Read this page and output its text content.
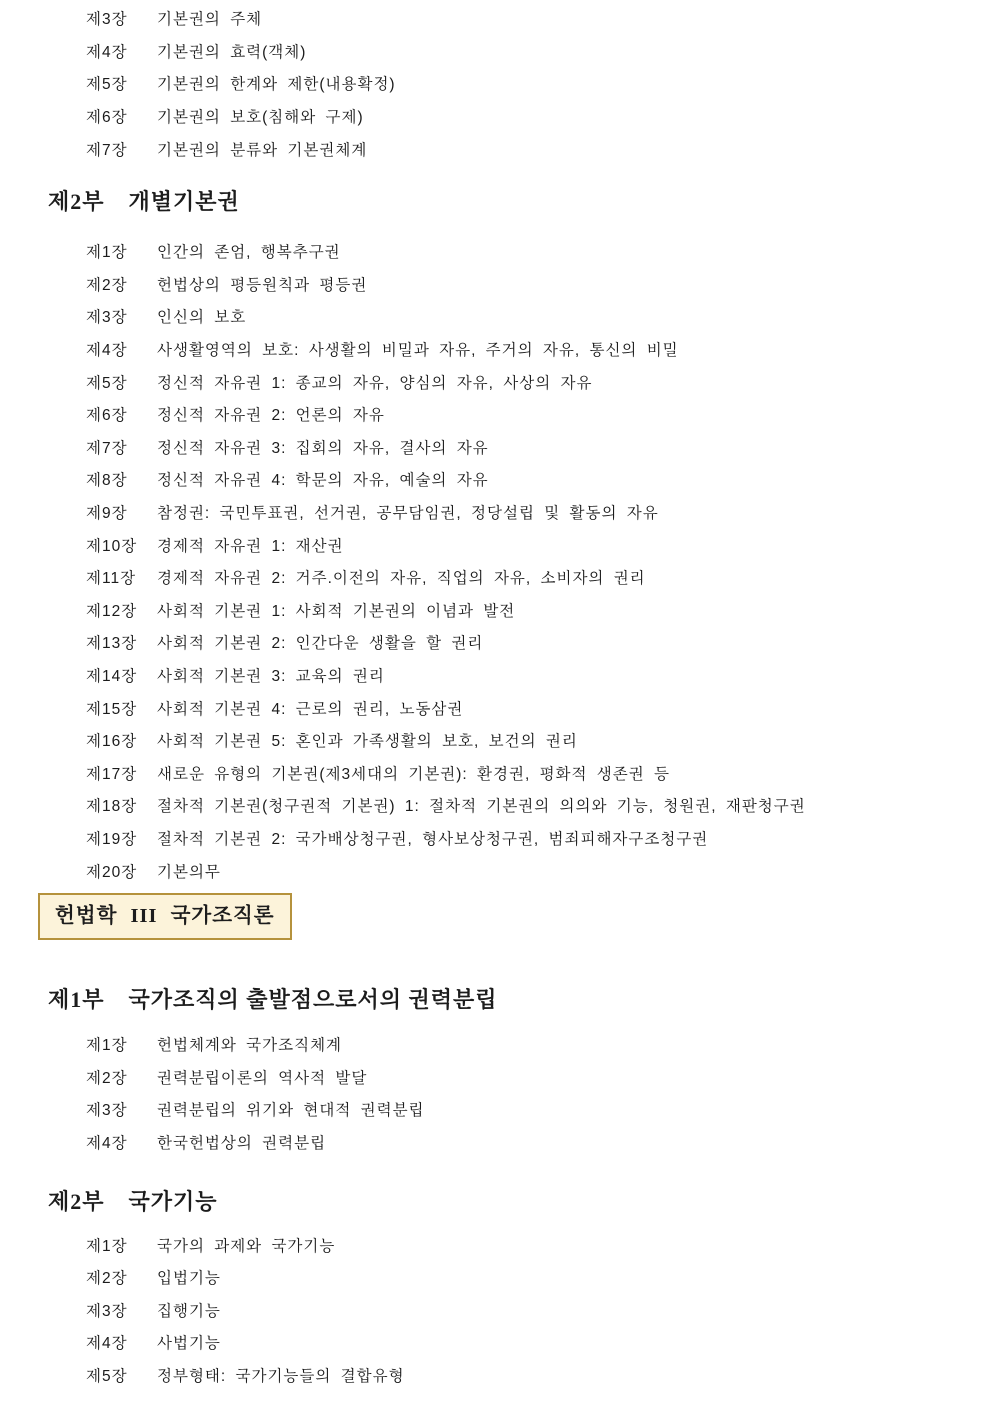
제3장	기본권의 주체
제4장	기본권의 효력(객체)
제5장	기본권의 한계와 제한(내용확정)
제6장	기본권의 보호(침해와 구제)
제7장	기본권의 분류와 기본권체계
제2부 개별기본권
제1장	인간의 존엄, 행복추구권
제2장	헌법상의 평등원칙과 평등권
제3장	인신의 보호
제4장	사생활영역의 보호: 사생활의 비밀과 자유, 주거의 자유, 통신의 비밀
제5장	정신적 자유권 1: 종교의 자유, 양심의 자유, 사상의 자유
제6장	정신적 자유권 2: 언론의 자유
제7장	정신적 자유권 3: 집회의 자유, 결사의 자유
제8장	정신적 자유권 4: 학문의 자유, 예술의 자유
제9장	참정권: 국민투표권, 선거권, 공무담임권, 정당설립 및 활동의 자유
제10장	경제적 자유권 1: 재산권
제11장	경제적 자유권 2: 거주.이전의 자유, 직업의 자유, 소비자의 권리
제12장	사회적 기본권 1: 사회적 기본권의 이념과 발전
제13장	사회적 기본권 2: 인간다운 생활을 할 권리
제14장	사회적 기본권 3: 교육의 권리
제15장	사회적 기본권 4: 근로의 권리, 노동삼권
제16장	사회적 기본권 5: 혼인과 가족생활의 보호, 보건의 권리
제17장	새로운 유형의 기본권(제3세대의 기본권): 환경권, 평화적 생존권 등
제18장	절차적 기본권(청구권적 기본권) 1: 절차적 기본권의 의의와 기능, 청원권, 재판청구권
제19장	절차적 기본권 2: 국가배상청구권, 형사보상청구권, 범죄피해자구조청구권
제20장	기본의무
헌법학 III 국가조직론
제1부 국가조직의 출발점으로서의 권력분립
제1장	헌법체계와 국가조직체계
제2장	권력분립이론의 역사적 발달
제3장	권력분립의 위기와 현대적 권력분립
제4장	한국헌법상의 권력분립
제2부 국가기능
제1장	국가의 과제와 국가기능
제2장	입법기능
제3장	집행기능
제4장	사법기능
제5장	정부형태: 국가기능들의 결합유형
